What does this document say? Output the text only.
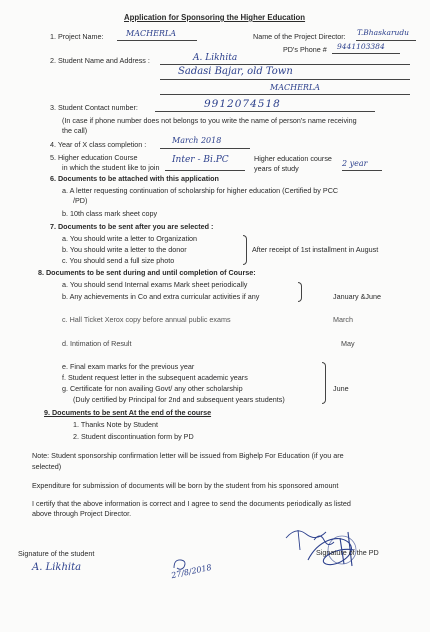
Application for Sponsoring the Higher Education
1. Project Name:	MACHERLA	Name of the Project Director: T.Bhaskarudu
PD's Phone # 9441103384
2. Student Name and Address :	A. Likhita
Sadasi Bajar, old Town
MACHERLA
3. Student Contact number:	9912074518
(In case if phone number does not belongs to you write the name of person's name receiving
the call)
4. Year of X class completion :	March 2018
5. Higher education Course
in which the student like to join
Inter - Bi.PC	Higher education course
years of study
2 year
6. Documents to be attached with this application
a. A letter requesting continuation of scholarship for higher education (Certified by PCC
/PD)
b. 10th class mark sheet copy
7. Documents to be sent after you are selected :
a. You should write a letter to Organization
b. You should write a letter to the donor
c. You should send a full size photo
After receipt of 1st installment in August
8. Documents to be sent during and until completion of Course:
a. You should send Internal exams Mark sheet periodically
b. Any achievements in Co and extra curricular activities if any	January &June
c. Hall Ticket Xerox copy before annual public exams	March
d. Intimation of Result	May
e. Final exam marks for the previous year
f. Student request letter in the subsequent academic years
g. Certificate for non availing Govt/ any other scholarship
(Duly certified by Principal for 2nd and subsequent years students)
June
9. Documents to be sent At the end of the course
1. Thanks Note by Student
2. Student discontinuation form by PD
Note: Student sponsorship confirmation letter will be issued from Bighelp For Education (if you are
selected)
Expenditure for submission of documents will be born by the student from his sponsored amount
I certify that the above information is correct and I agree to send the documents periodically as listed
above through Project Director.
Signature of the PD
Signature of the student
A. Likhita	27/8/2018
